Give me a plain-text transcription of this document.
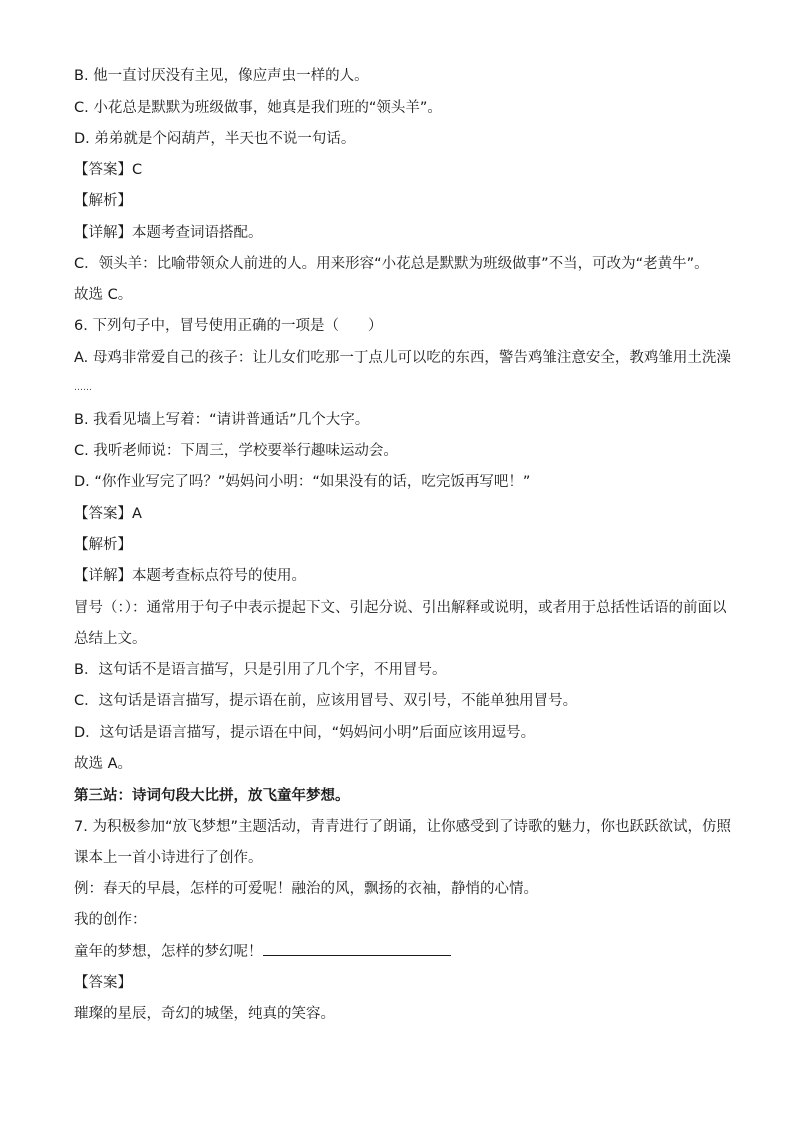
B. 他一直讨厌没有主见，像应声虫一样的人。
C. 小花总是默默为班级做事，她真是我们班的“领头羊”。
D. 弟弟就是个闷葫芦，半天也不说一句话。
【答案】C
【解析】
【详解】本题考查词语搭配。
C．领头羊：比喻带领众人前进的人。用来形容“小花总是默默为班级做事”不当，可改为“老黄牛”。
故选 C。
6. 下列句子中，冒号使用正确的一项是（　　）
A. 母鸡非常爱自己的孩子：让儿女们吃那一丁点儿可以吃的东西，警告鸡雏注意安全，教鸡雏用土洗澡
……
B. 我看见墙上写着：“请讲普通话”几个大字。
C. 我听老师说：下周三，学校要举行趣味运动会。
D. “你作业写完了吗？”妈妈问小明：“如果没有的话，吃完饭再写吧！”
【答案】A
【解析】
【详解】本题考查标点符号的使用。
冒号（：）：通常用于句子中表示提起下文、引起分说、引出解释或说明，或者用于总括性话语的前面以
总结上文。
B．这句话不是语言描写，只是引用了几个字，不用冒号。
C．这句话是语言描写，提示语在前，应该用冒号、双引号，不能单独用冒号。
D．这句话是语言描写，提示语在中间，“妈妈问小明”后面应该用逗号。
故选 A。
第三站：诗词句段大比拼，放飞童年梦想。
7. 为积极参加“放飞梦想”主题活动，青青进行了朗诵，让你感受到了诗歌的魅力，你也跃跃欲试，仿照
课本上一首小诗进行了创作。
例：春天的早晨，怎样的可爱呢！融治的风，飘扬的衣袖，静悄的心情。
我的创作：
童年的梦想，怎样的梦幻呢！
【答案】
璀璨的星辰，奇幻的城堡，纯真的笑容。
